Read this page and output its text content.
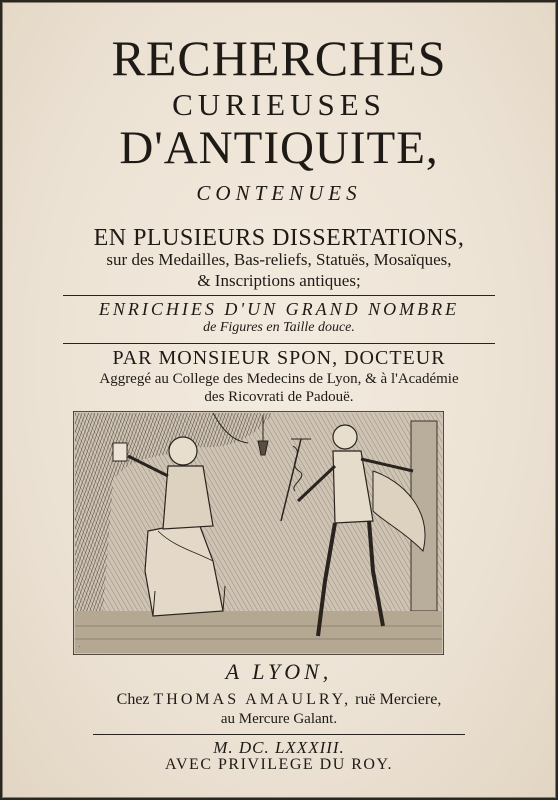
RECHERCHES
CURIEUSES
D'ANTIQUITE,
CONTENUES
EN PLUSIEURS DISSERTATIONS,
sur des Medailles, Bas-reliefs, Statuës, Mosaïques,
& Inscriptions antiques;
ENRICHIES D'UN GRAND NOMBRE
de Figures en Taille douce.
PAR MONSIEUR SPON, DOCTEUR
Aggregé au College des Medecins de Lyon, & à l'Académie
des Ricovrati de Padouë.
.
A LYON,
Chez THOMAS AMAULRY, ruë Merciere,
au Mercure Galant.
M. DC. LXXXIII.
AVEC PRIVILEGE DU ROY.
